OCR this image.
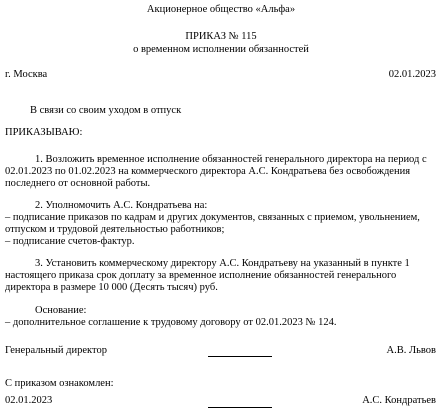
Акционерное общество «Альфа»
ПРИКАЗ № 115
о временном исполнении обязанностей
г. Москва	02.01.2023
В связи со своим уходом в отпуск
ПРИКАЗЫВАЮ:
1. Возложить временное исполнение обязанностей генерального директора на период с
02.01.2023 по 01.02.2023 на коммерческого директора А.С. Кондратьева без освобождения
последнего от основной работы.
2. Уполномочить А.С. Кондратьева на:
– подписание приказов по кадрам и других документов, связанных с приемом, увольнением,
отпуском и трудовой деятельностью работников;
– подписание счетов-фактур.
3. Установить коммерческому директору А.С. Кондратьеву на указанный в пункте 1
настоящего приказа срок доплату за временное исполнение обязанностей генерального
директора в размере 10 000 (Десять тысяч) руб.
Основание:
– дополнительное соглашение к трудовому договору от 02.01.2023 № 124.
Генеральный директор	А.В. Львов
С приказом ознакомлен:
02.01.2023	А.С. Кондратьев
